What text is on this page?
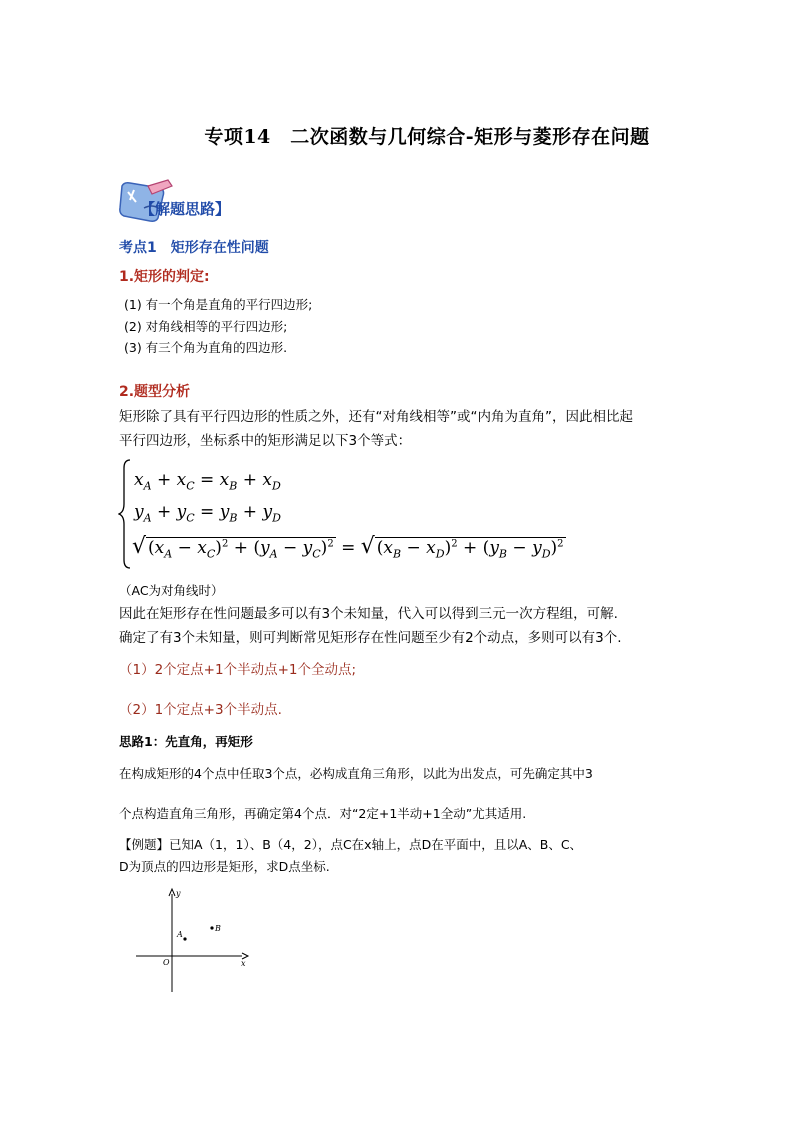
专项14　二次函数与几何综合-矩形与菱形存在问题
【解题思路】
考点1　矩形存在性问题
1.矩形的判定:
(1) 有一个角是直角的平行四边形;
(2) 对角线相等的平行四边形;
(3) 有三个角为直角的四边形.
2.题型分析
矩形除了具有平行四边形的性质之外，还有“对角线相等”或“内角为直角”，因此相比起
平行四边形，坐标系中的矩形满足以下3个等式：
$x_A + x_C = x_B + x_D$
$y_A + y_C = y_B + y_D$
√ $(x_A - x_C)^2 + (y_A - y_C)^2$ = √ $(x_B - x_D)^2 + (y_B - y_D)^2$
（AC为对角线时）
因此在矩形存在性问题最多可以有3个未知量，代入可以得到三元一次方程组，可解.
确定了有3个未知量，则可判断常见矩形存在性问题至少有2个动点，多则可以有3个.
（1）2个定点+1个半动点+1个全动点;
（2）1个定点+3个半动点.
思路1：先直角，再矩形
在构成矩形的4个点中任取3个点，必构成直角三角形，以此为出发点，可先确定其中3
个点构造直角三角形，再确定第4个点．对“2定+1半动+1全动”尤其适用.
【例题】已知A（1，1）、B（4，2），点C在x轴上，点D在平面中，且以A、B、C、
D为顶点的四边形是矩形，求D点坐标.
x
y
O
A
B
